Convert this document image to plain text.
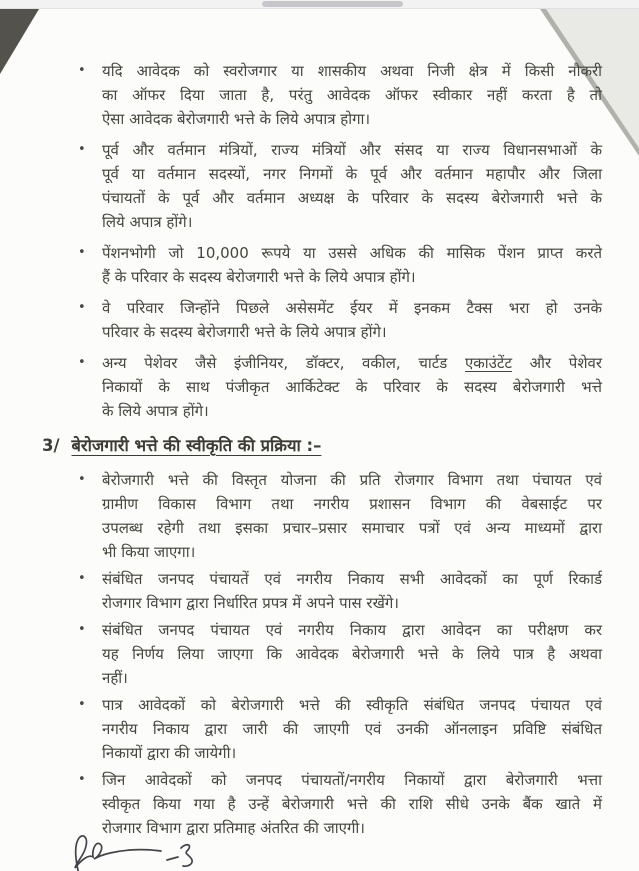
•	यदि आवेदक को स्वरोजगार या शासकीय अथवा निजी क्षेत्र में किसी नौकरी
का ऑफर दिया जाता है, परंतु आवेदक ऑफर स्वीकार नहीं करता है तो
ऐसा आवेदक बेरोजगारी भत्ते के लिये अपात्र होगा।
•	पूर्व और वर्तमान मंत्रियों, राज्य मंत्रियों और संसद या राज्य विधानसभाओं के
पूर्व या वर्तमान सदस्यों, नगर निगमों के पूर्व और वर्तमान महापौर और जिला
पंचायतों के पूर्व और वर्तमान अध्यक्ष के परिवार के सदस्य बेरोजगारी भत्ते के
लिये अपात्र होंगे।
•	पेंशनभोगी जो 10,000 रूपये या उससे अधिक की मासिक पेंशन प्राप्त करते
हैं के परिवार के सदस्य बेरोजगारी भत्ते के लिये अपात्र होंगे।
•	वे परिवार जिन्होंने पिछले असेसमेंट ईयर में इनकम टैक्स भरा हो उनके
परिवार के सदस्य बेरोजगारी भत्ते के लिये अपात्र होंगे।
•	अन्य पेशेवर जैसे इंजीनियर, डॉक्टर, वकील, चार्टड एकाउंटेंट और पेशेवर
निकायों के साथ पंजीकृत आर्किटेक्ट के परिवार के सदस्य बेरोजगारी भत्ते
के लिये अपात्र होंगे।
3/ बेरोजगारी भत्ते की स्वीकृति की प्रक्रिया :–
•	बेरोजगारी भत्ते की विस्तृत योजना की प्रति रोजगार विभाग तथा पंचायत एवं
ग्रामीण विकास विभाग तथा नगरीय प्रशासन विभाग की वेबसाईट पर
उपलब्ध रहेगी तथा इसका प्रचार–प्रसार समाचार पत्रों एवं अन्य माध्यमों द्वारा
भी किया जाएगा।
•	संबंधित जनपद पंचायतें एवं नगरीय निकाय सभी आवेदकों का पूर्ण रिकार्ड
रोजगार विभाग द्वारा निर्धारित प्रपत्र में अपने पास रखेंगे।
•	संबंधित जनपद पंचायत एवं नगरीय निकाय द्वारा आवेदन का परीक्षण कर
यह निर्णय लिया जाएगा कि आवेदक बेरोजगारी भत्ते के लिये पात्र है अथवा
नहीं।
•	पात्र आवेदकों को बेरोजगारी भत्ते की स्वीकृति संबंधित जनपद पंचायत एवं
नगरीय निकाय द्वारा जारी की जाएगी एवं उनकी ऑनलाइन प्रविष्टि संबंधित
निकायों द्वारा की जायेगी।
•	जिन आवेदकों को जनपद पंचायतों/नगरीय निकायों द्वारा बेरोजगारी भत्ता
स्वीकृत किया गया है उन्हें बेरोजगारी भत्ते की राशि सीधे उनके बैंक खाते में
रोजगार विभाग द्वारा प्रतिमाह अंतरित की जाएगी।
